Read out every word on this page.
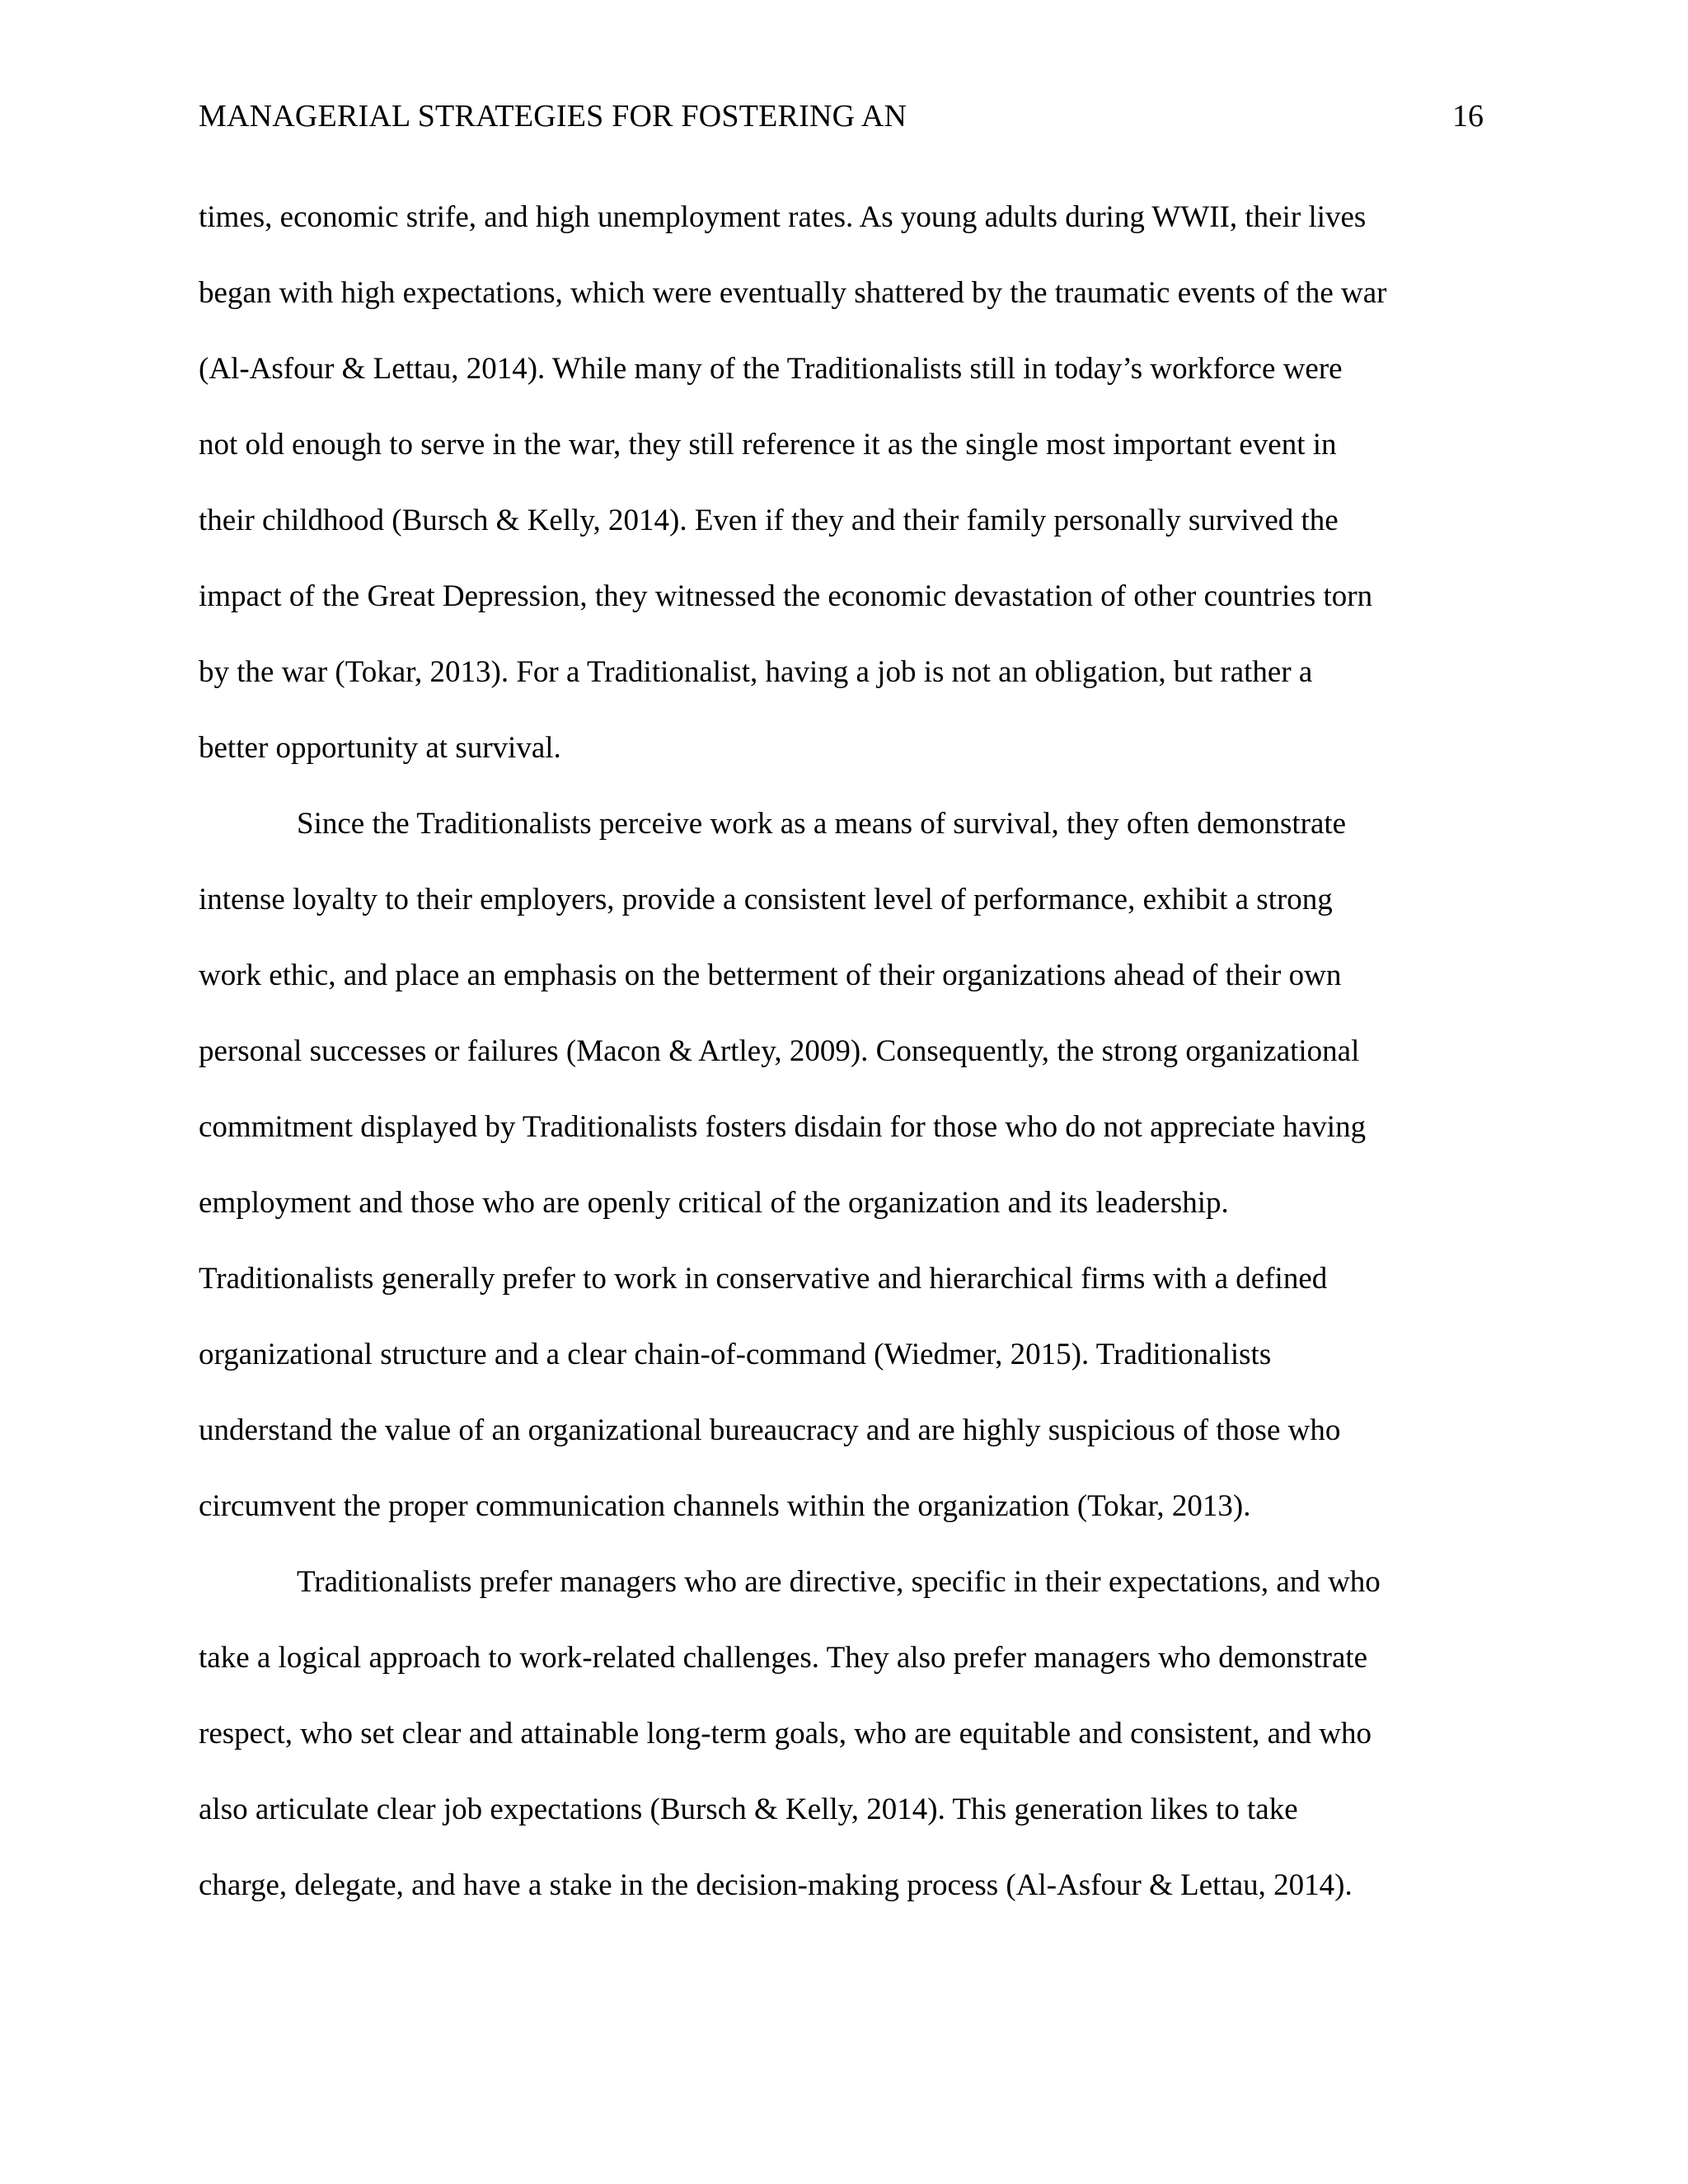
MANAGERIAL STRATEGIES FOR FOSTERING AN	16
times, economic strife, and high unemployment rates. As young adults during WWII, their lives
began with high expectations, which were eventually shattered by the traumatic events of the war
(Al-Asfour & Lettau, 2014). While many of the Traditionalists still in today’s workforce were
not old enough to serve in the war, they still reference it as the single most important event in
their childhood (Bursch & Kelly, 2014). Even if they and their family personally survived the
impact of the Great Depression, they witnessed the economic devastation of other countries torn
by the war (Tokar, 2013). For a Traditionalist, having a job is not an obligation, but rather a
better opportunity at survival.
Since the Traditionalists perceive work as a means of survival, they often demonstrate
intense loyalty to their employers, provide a consistent level of performance, exhibit a strong
work ethic, and place an emphasis on the betterment of their organizations ahead of their own
personal successes or failures (Macon & Artley, 2009). Consequently, the strong organizational
commitment displayed by Traditionalists fosters disdain for those who do not appreciate having
employment and those who are openly critical of the organization and its leadership.
Traditionalists generally prefer to work in conservative and hierarchical firms with a defined
organizational structure and a clear chain-of-command (Wiedmer, 2015). Traditionalists
understand the value of an organizational bureaucracy and are highly suspicious of those who
circumvent the proper communication channels within the organization (Tokar, 2013).
Traditionalists prefer managers who are directive, specific in their expectations, and who
take a logical approach to work-related challenges. They also prefer managers who demonstrate
respect, who set clear and attainable long-term goals, who are equitable and consistent, and who
also articulate clear job expectations (Bursch & Kelly, 2014). This generation likes to take
charge, delegate, and have a stake in the decision-making process (Al-Asfour & Lettau, 2014).
